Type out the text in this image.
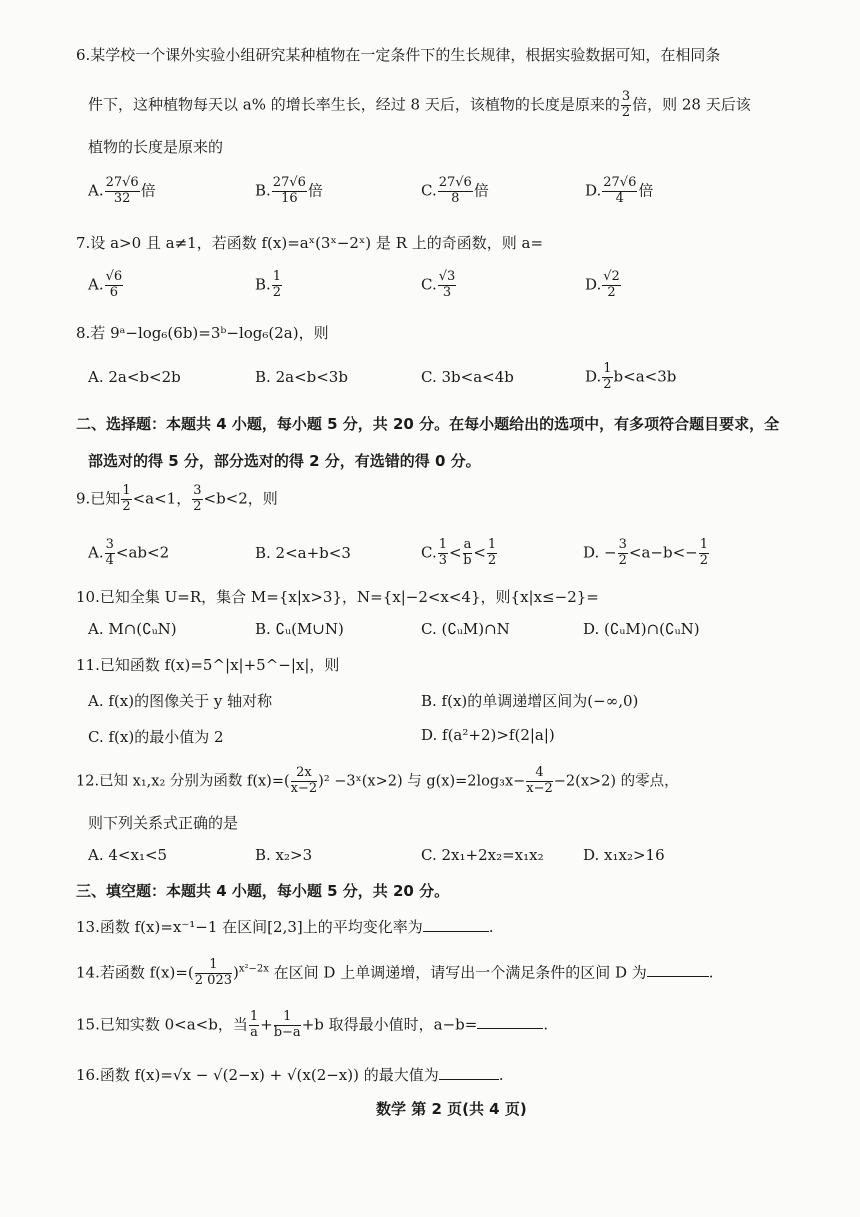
6.某学校一个课外实验小组研究某种植物在一定条件下的生长规律，根据实验数据可知，在相同条
件下，这种植物每天以 a% 的增长率生长，经过 8 天后，该植物的长度是原来的 $\frac{3}{2}$ 倍，则 28 天后该
植物的长度是原来的
A. $\frac{27√6}{32}$ 倍	B. $\frac{27√6}{16}$ 倍	C. $\frac{27√6}{8}$ 倍	D. $\frac{27√6}{4}$ 倍
7.设 a>0 且 a≠1，若函数 f(x)=aˣ(3ˣ−2ˣ) 是 R 上的奇函数，则 a=
A. $\frac{√6}{6}$	B. $\frac{1}{2}$	C. $\frac{√3}{3}$	D. $\frac{√2}{2}$
8.若 9ᵃ−log₆(6b)=3ᵇ−log₆(2a)，则
A. 2a<b<2b	B. 2a<b<3b	C. 3b<a<4b	D. $\frac{1}{2} b<a<3b$
二、选择题：本题共 4 小题，每小题 5 分，共 20 分。在每小题给出的选项中，有多项符合题目要求，全
部选对的得 5 分，部分选对的得 2 分，有选错的得 0 分。
9.已知 $\frac{1}{2} <a<1$， $\frac{3}{2} <b<2$，则
A. $\frac{3}{4} <ab<2$	B. 2<a+b<3	C. $\frac{1}{3} < \frac{a}{b} < \frac{1}{2}$	D. − $\frac{3}{2} <a-b<- \frac{1}{2}$
10.已知全集 U=R，集合 M={x|x>3}，N={x|−2<x<4}，则{x|x≤−2}=
A. M∩(∁ᵤN)	B. ∁ᵤ(M∪N)	C. (∁ᵤM)∩N	D. (∁ᵤM)∩(∁ᵤN)
11.已知函数 f(x)=5^|x|+5^−|x|，则
A. f(x)的图像关于 y 轴对称	B. f(x)的单调递增区间为(−∞,0)
C. f(x)的最小值为 2	D. f(a²+2)>f(2|a|)
12.已知 x₁,x₂ 分别为函数 $f(x)=( \frac{2x}{x-2} )^2$ −3ˣ(x>2) 与 $g(x)=2\log_3x- \frac{4}{x-2} -2(x>2)$ 的零点，
则下列关系式正确的是
A. 4<x₁<5	B. x₂>3	C. 2x₁+2x₂=x₁x₂	D. x₁x₂>16
三、填空题：本题共 4 小题，每小题 5 分，共 20 分。
13.函数 f(x)=x⁻¹−1 在区间[2,3]上的平均变化率为	.
14.若函数 $f(x)=( \frac{1}{2 023} )^{x^2-2x}$ 在区间 D 上单调递增，请写出一个满足条件的区间 D 为	.
15.已知实数 0<a<b，当 $\frac{1}{a} + \frac{1}{b-a} +b$ 取得最小值时，a−b=	.
16.函数 f(x)=√x − √(2−x) + √(x(2−x)) 的最大值为	.
数学 第 2 页(共 4 页)
